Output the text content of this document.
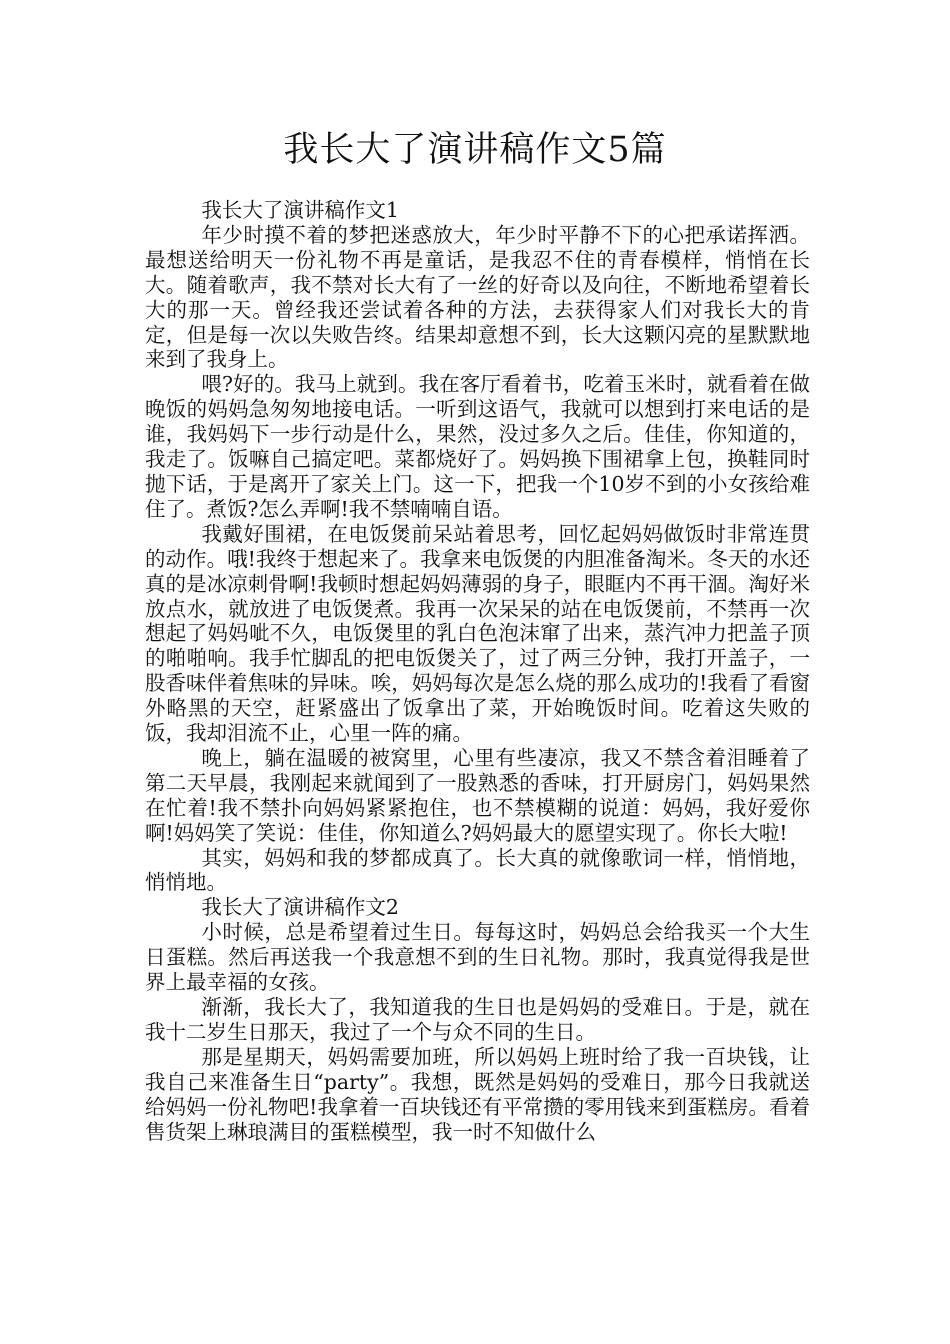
我长大了演讲稿作文5篇

我长大了演讲稿作文1

年少时摸不着的梦把迷惑放大，年少时平静不下的心把承诺挥洒。最想送给明天一份礼物不再是童话，是我忍不住的青春模样，悄悄在长大。随着歌声，我不禁对长大有了一丝的好奇以及向往，不断地希望着长大的那一天。曾经我还尝试着各种的方法，去获得家人们对我长大的肯定，但是每一次以失败告终。结果却意想不到，长大这颗闪亮的星默默地来到了我身上。

喂?好的。我马上就到。我在客厅看着书，吃着玉米时，就看着在做晚饭的妈妈急匆匆地接电话。一听到这语气，我就可以想到打来电话的是谁，我妈妈下一步行动是什么，果然，没过多久之后。佳佳，你知道的，我走了。饭嘛自己搞定吧。菜都烧好了。妈妈换下围裙拿上包，换鞋同时抛下话，于是离开了家关上门。这一下，把我一个10岁不到的小女孩给难住了。煮饭?怎么弄啊!我不禁喃喃自语。

我戴好围裙，在电饭煲前呆站着思考，回忆起妈妈做饭时非常连贯的动作。哦!我终于想起来了。我拿来电饭煲的内胆准备淘米。冬天的水还真的是冰凉刺骨啊!我顿时想起妈妈薄弱的身子，眼眶内不再干涸。淘好米放点水，就放进了电饭煲煮。我再一次呆呆的站在电饭煲前，不禁再一次想起了妈妈呲不久，电饭煲里的乳白色泡沫窜了出来，蒸汽冲力把盖子顶的啪啪响。我手忙脚乱的把电饭煲关了，过了两三分钟，我打开盖子，一股香味伴着焦味的异味。唉，妈妈每次是怎么烧的那么成功的!我看了看窗外略黑的天空，赶紧盛出了饭拿出了菜，开始晚饭时间。吃着这失败的饭，我却泪流不止，心里一阵的痛。

晚上，躺在温暖的被窝里，心里有些凄凉，我又不禁含着泪睡着了第二天早晨，我刚起来就闻到了一股熟悉的香味，打开厨房门，妈妈果然在忙着!我不禁扑向妈妈紧紧抱住，也不禁模糊的说道：妈妈，我好爱你啊!妈妈笑了笑说：佳佳，你知道么?妈妈最大的愿望实现了。你长大啦!

其实，妈妈和我的梦都成真了。长大真的就像歌词一样，悄悄地，悄悄地。

我长大了演讲稿作文2

小时候，总是希望着过生日。每每这时，妈妈总会给我买一个大生日蛋糕。然后再送我一个我意想不到的生日礼物。那时，我真觉得我是世界上最幸福的女孩。

渐渐，我长大了，我知道我的生日也是妈妈的受难日。于是，就在我十二岁生日那天，我过了一个与众不同的生日。

那是星期天，妈妈需要加班，所以妈妈上班时给了我一百块钱，让我自己来准备生日“party”。我想，既然是妈妈的受难日，那今日我就送给妈妈一份礼物吧!我拿着一百块钱还有平常攒的零用钱来到蛋糕房。看着售货架上琳琅满目的蛋糕模型，我一时不知做什么
